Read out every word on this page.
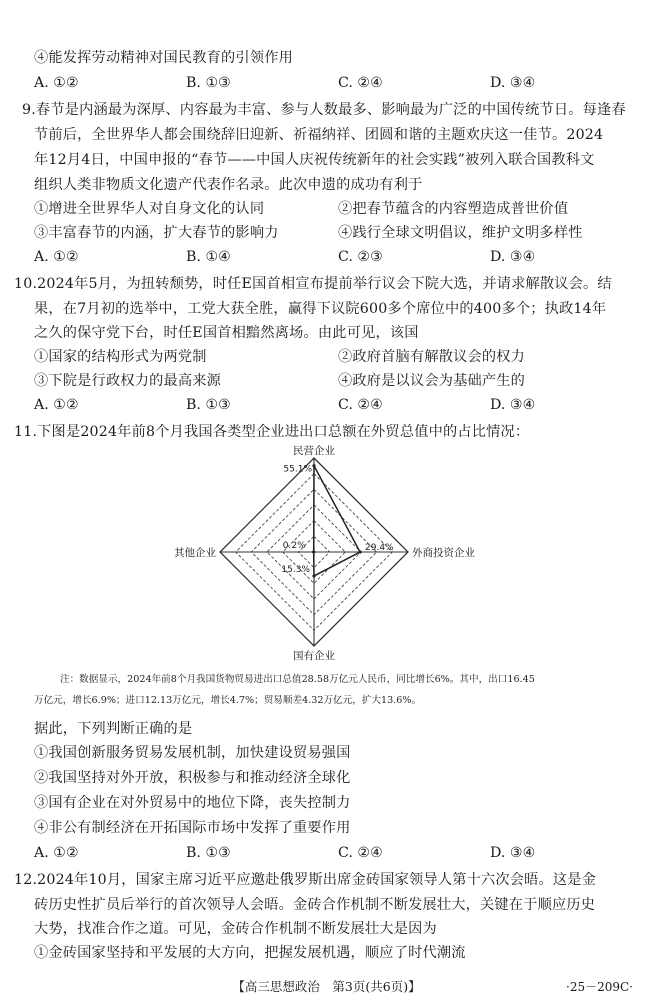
④能发挥劳动精神对国民教育的引领作用
A. ①②	B. ①③	C. ②④	D. ③④
9.春节是内涵最为深厚、内容最为丰富、参与人数最多、影响最为广泛的中国传统节日。每逢春
节前后，全世界华人都会围绕辞旧迎新、祈福纳祥、团圆和谐的主题欢庆这一佳节。2024
年12月4日，中国申报的“春节——中国人庆祝传统新年的社会实践”被列入联合国教科文
组织人类非物质文化遗产代表作名录。此次申遗的成功有利于
①增进全世界华人对自身文化的认同	②把春节蕴含的内容塑造成普世价值
③丰富春节的内涵，扩大春节的影响力	④践行全球文明倡议，维护文明多样性
A. ①②	B. ①④	C. ②③	D. ③④
10.2024年5月，为扭转颓势，时任E国首相宣布提前举行议会下院大选，并请求解散议会。结
果，在7月初的选举中，工党大获全胜，赢得下议院600多个席位中的400多个；执政14年
之久的保守党下台，时任E国首相黯然离场。由此可见，该国
①国家的结构形式为两党制	②政府首脑有解散议会的权力
③下院是行政权力的最高来源	④政府是以议会为基础产生的
A. ①②	B. ①③	C. ②④	D. ③④
11.下图是2024年前8个月我国各类型企业进出口总额在外贸总值中的占比情况：
55.1%
29.4%
15.3%
0.2%
民营企业
外商投资企业
国有企业
其他企业
注：数据显示，2024年前8个月我国货物贸易进出口总值28.58万亿元人民币，同比增长6%。其中，出口16.45
万亿元，增长6.9%；进口12.13万亿元，增长4.7%；贸易顺差4.32万亿元，扩大13.6%。
据此，下列判断正确的是
①我国创新服务贸易发展机制，加快建设贸易强国
②我国坚持对外开放，积极参与和推动经济全球化
③国有企业在对外贸易中的地位下降，丧失控制力
④非公有制经济在开拓国际市场中发挥了重要作用
A. ①②	B. ①③	C. ②④	D. ③④
12.2024年10月，国家主席习近平应邀赴俄罗斯出席金砖国家领导人第十六次会晤。这是金
砖历史性扩员后举行的首次领导人会晤。金砖合作机制不断发展壮大，关键在于顺应历史
大势，找准合作之道。可见，金砖合作机制不断发展壮大是因为
①金砖国家坚持和平发展的大方向，把握发展机遇，顺应了时代潮流
【高三思想政治　第3页(共6页)】	·25－209C·
